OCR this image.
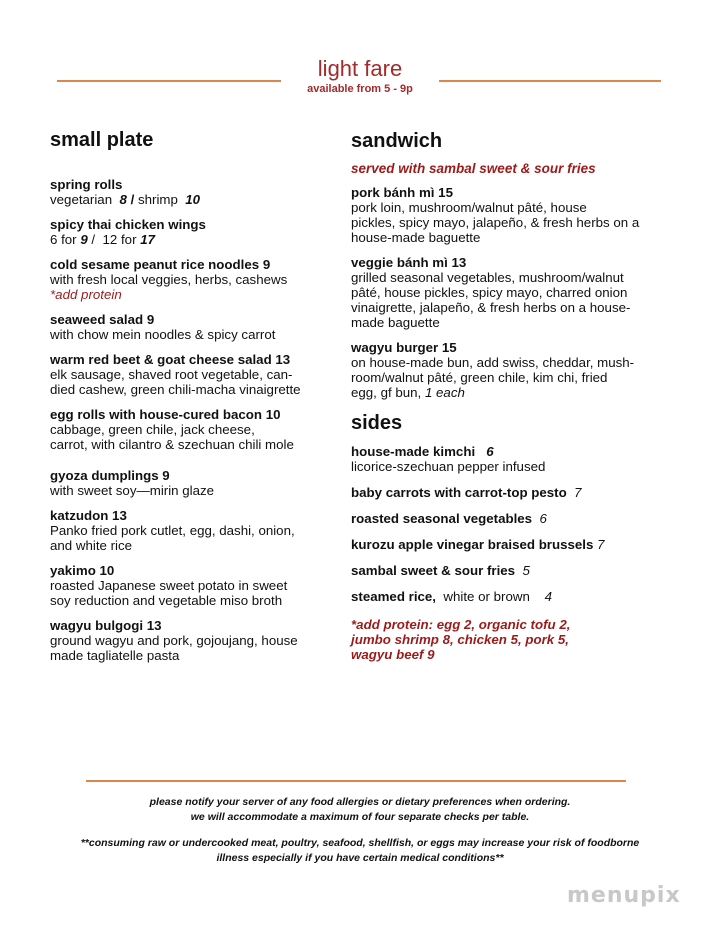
light fare
available from 5 - 9p
small plate
spring rolls
vegetarian  8 / shrimp  10
spicy thai chicken wings
6 for 9 /  12 for 17
cold sesame peanut rice noodles 9
with fresh local veggies, herbs, cashews
*add protein
seaweed salad 9
with chow mein noodles & spicy carrot
warm red beet & goat cheese salad 13
elk sausage, shaved root vegetable, can-
died cashew, green chili-macha vinaigrette
egg rolls with house-cured bacon 10
cabbage, green chile, jack cheese,
carrot, with cilantro & szechuan chili mole
gyoza dumplings 9
with sweet soy—mirin glaze
katzudon 13
Panko fried pork cutlet, egg, dashi, onion,
and white rice
yakimo 10
roasted Japanese sweet potato in sweet
soy reduction and vegetable miso broth
wagyu bulgogi 13
ground wagyu and pork, gojoujang, house
made tagliatelle pasta
sandwich
served with sambal sweet & sour fries
pork bánh mì 15
pork loin, mushroom/walnut pâté, house
pickles, spicy mayo, jalapeño, & fresh herbs on a
house-made baguette
veggie bánh mì 13
grilled seasonal vegetables, mushroom/walnut
pâté, house pickles, spicy mayo, charred onion
vinaigrette, jalapeño, & fresh herbs on a house-
made baguette
wagyu burger 15
on house-made bun, add swiss, cheddar, mush-
room/walnut pâté, green chile, kim chi, fried
egg, gf bun, 1 each
sides
house-made kimchi 6
licorice-szechuan pepper infused
baby carrots with carrot-top pesto 7
roasted seasonal vegetables 6
kurozu apple vinegar braised brussels 7
sambal sweet & sour fries 5
steamed rice, white or brown 4
*add protein: egg 2, organic tofu 2,
jumbo shrimp 8, chicken 5, pork 5,
wagyu beef 9
please notify your server of any food allergies or dietary preferences when ordering.
we will accommodate a maximum of four separate checks per table.
**consuming raw or undercooked meat, poultry, seafood, shellfish, or eggs may increase your risk of foodborne
illness especially if you have certain medical conditions**
menupix
